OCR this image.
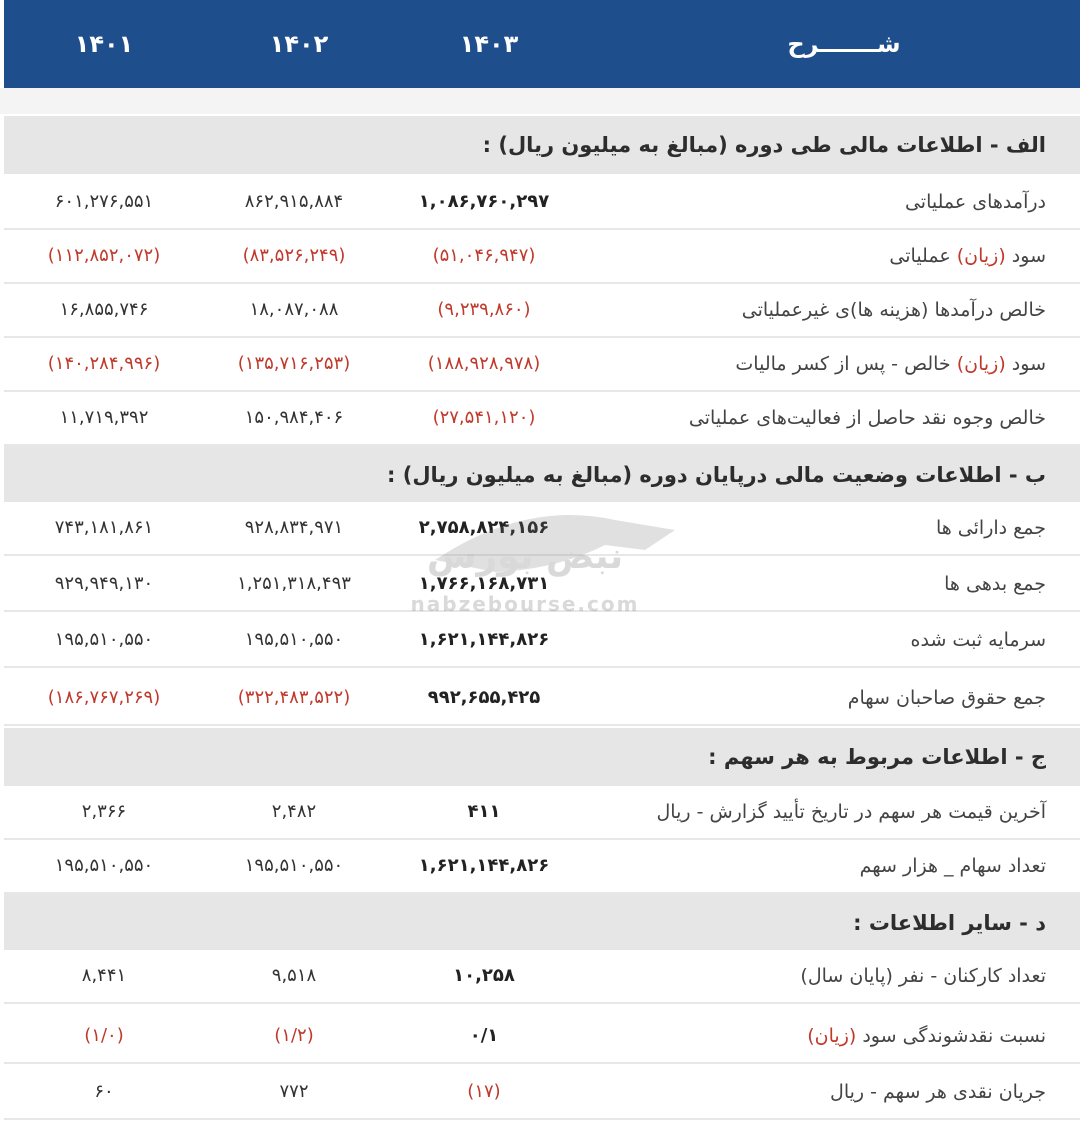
شـــــــرح
۱۴۰۳
۱۴۰۲
۱۴۰۱
الف - اطلاعات مالی طی دوره (مبالغ به میلیون ریال) :
درآمدهای عملیاتی
۱,۰۸۶,۷۶۰,۲۹۷
۸۶۲,۹۱۵,۸۸۴
۶۰۱,۲۷۶,۵۵۱
سود (زیان) عملیاتی
(۵۱,۰۴۶,۹۴۷)
(۸۳,۵۲۶,۲۴۹)
(۱۱۲,۸۵۲,۰۷۲)
خالص درآمدها (هزینه ها)ی غیرعملیاتی
(۹,۲۳۹,۸۶۰)
۱۸,۰۸۷,۰۸۸
۱۶,۸۵۵,۷۴۶
سود (زیان) خالص - پس از کسر مالیات
(۱۸۸,۹۲۸,۹۷۸)
(۱۳۵,۷۱۶,۲۵۳)
(۱۴۰,۲۸۴,۹۹۶)
خالص وجوه نقد حاصل از فعالیت‌های عملیاتی
(۲۷,۵۴۱,۱۲۰)
۱۵۰,۹۸۴,۴۰۶
۱۱,۷۱۹,۳۹۲
ب - اطلاعات وضعیت مالی درپایان دوره (مبالغ به میلیون ریال) :
جمع دارائی ها
۲,۷۵۸,۸۲۴,۱۵۶
۹۲۸,۸۳۴,۹۷۱
۷۴۳,۱۸۱,۸۶۱
جمع بدهی ها
۱,۷۶۶,۱۶۸,۷۳۱
۱,۲۵۱,۳۱۸,۴۹۳
۹۲۹,۹۴۹,۱۳۰
سرمایه ثبت شده
۱,۶۲۱,۱۴۴,۸۲۶
۱۹۵,۵۱۰,۵۵۰
۱۹۵,۵۱۰,۵۵۰
جمع حقوق صاحبان سهام
۹۹۲,۶۵۵,۴۲۵
(۳۲۲,۴۸۳,۵۲۲)
(۱۸۶,۷۶۷,۲۶۹)
ج - اطلاعات مربوط به هر سهم :
آخرین قیمت هر سهم در تاریخ تأیید گزارش - ریال
۴۱۱
۲,۴۸۲
۲,۳۶۶
تعداد سهام _ هزار سهم
۱,۶۲۱,۱۴۴,۸۲۶
۱۹۵,۵۱۰,۵۵۰
۱۹۵,۵۱۰,۵۵۰
د - سایر اطلاعات :
تعداد کارکنان - نفر (پایان سال)
۱۰,۲۵۸
۹,۵۱۸
۸,۴۴۱
نسبت نقدشوندگی سود (زیان)
۰/۱
(۱/۲)
(۱/۰)
جریان نقدی هر سهم - ریال
(۱۷)
۷۷۲
۶۰
نبض بورس
nabzebourse.com
